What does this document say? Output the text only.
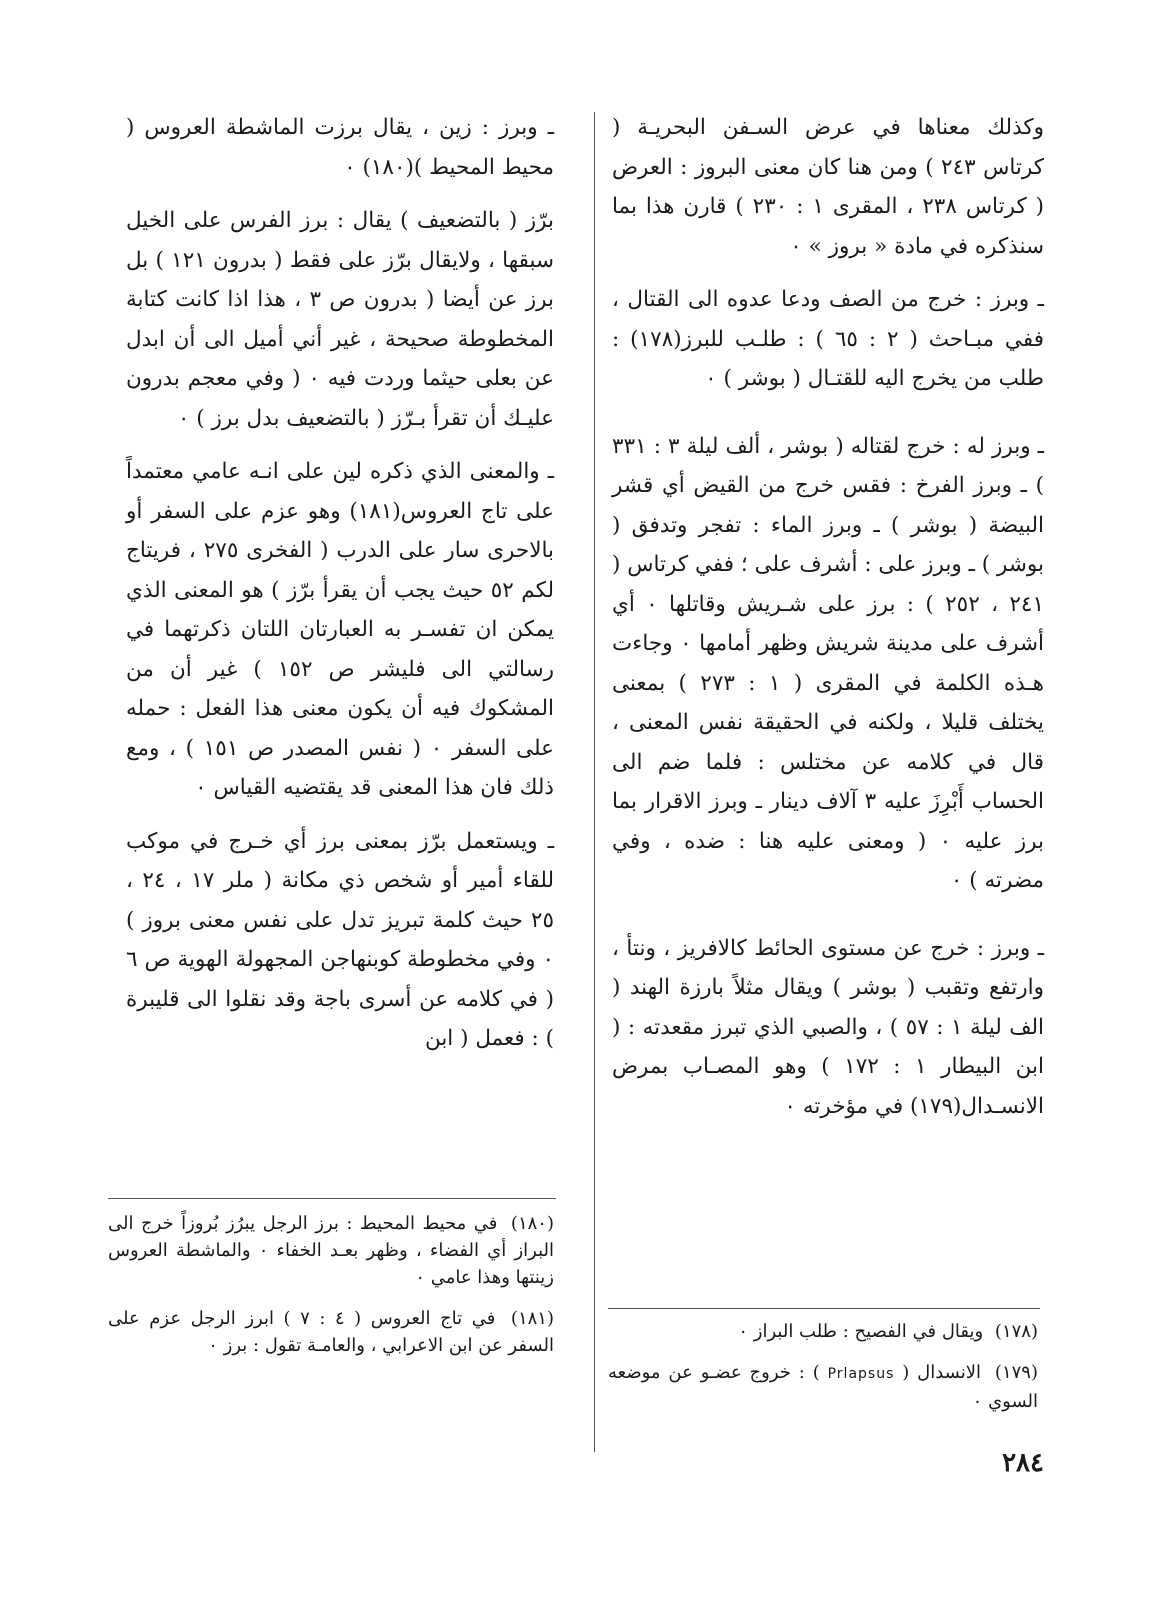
وكذلك معناها في عرض السـفن البحريـة ( كرتاس ٢٤٣ ) ومن هنا كان معنى البروز : العرض ( كرتاس ٢٣٨ ، المقرى ١ : ٢٣٠ ) قارن هذا بما سنذكره في مادة « بروز » ٠

ـ وبرز : خرج من الصف ودعا عدوه الى القتال ، ففي مبـاحث ( ٢ : ٦٥ ) : طلـب للبرز(١٧٨) : طلب من يخرج اليه للقتـال ( بوشر ) ٠

ـ وبرز له : خرج لقتاله ( بوشر ، ألف ليلة ٣ : ٣٣١ ) ـ وبرز الفرخ : فقس خرج من القيض أي قشر البيضة ( بوشر ) ـ وبرز الماء : تفجر وتدفق ( بوشر ) ـ وبرز على : أشرف على ؛ ففي كرتاس ( ٢٤١ ، ٢٥٢ ) : برز على شـريش وقاتلها ٠ أي أشرف على مدينة شريش وظهر أمامها ٠ وجاءت هـذه الكلمة في المقرى ( ١ : ٢٧٣ ) بمعنى يختلف قليلا ، ولكنه في الحقيقة نفس المعنى ، قال في كلامه عن مختلس : فلما ضم الى الحساب أَبْرِزَ عليه ٣ آلاف دينار ـ وبرز الاقرار بما برز عليه ٠ ( ومعنى عليه هنا : ضده ، وفي مضرته ) ٠

ـ وبرز : خرج عن مستوى الحائط كالافريز ، ونتأ ، وارتفع وتقبب ( بوشر ) ويقال مثلاً بارزة الهند ( الف ليلة ١ : ٥٧ ) ، والصبي الذي تبرز مقعدته : ( ابن البيطار ١ : ١٧٢ ) وهو المصـاب بمرض الانسـدال(١٧٩) في مؤخرته ٠

ـ وبرز : زين ، يقال برزت الماشطة العروس ( محيط المحيط )(١٨٠) ٠

برّز ( بالتضعيف ) يقال : برز الفرس على الخيل سبقها ، ولايقال برّز على فقط ( بدرون ١٢١ ) بل برز عن أيضا ( بدرون ص ٣ ، هذا اذا كانت كتابة المخطوطة صحيحة ، غير أني أميل الى أن ابدل عن بعلى حيثما وردت فيه ٠ ( وفي معجم بدرون عليـك أن تقرأ بـرّز ( بالتضعيف بدل برز ) ٠

ـ والمعنى الذي ذكره لين على انـه عامي معتمداً على تاج العروس(١٨١) وهو عزم على السفر أو بالاحرى سار على الدرب ( الفخرى ٢٧٥ ، فريتاج لكم ٥٢ حيث يجب أن يقرأ برّز ) هو المعنى الذي يمكن ان تفسـر به العبارتان اللتان ذكرتهما في رسالتي الى فليشر ص ١٥٢ ) غير أن من المشكوك فيه أن يكون معنى هذا الفعل : حمله على السفر ٠ ( نفس المصدر ص ١٥١ ) ، ومع ذلك فان هذا المعنى قد يقتضيه القياس ٠

ـ ويستعمل برّز بمعنى برز أي خـرج في موكب للقاء أمير أو شخص ذي مكانة ( ملر ١٧ ، ٢٤ ، ٢٥ حيث كلمة تبريز تدل على نفس معنى بروز ) ٠ وفي مخطوطة كوبنهاجن المجهولة الهوية ص ٦ ( في كلامه عن أسرى باجة وقد نقلوا الى قليبرة ) : فعمل ( ابن

(١٨٠) في محيط المحيط : برز الرجل يبرُز بُروزاً خرج الى البراز أي الفضاء ، وظهر بعـد الخفاء ٠ والماشطة العروس زينتها وهذا عامي ٠
(١٨١) في تاج العروس ( ٤ : ٧ ) ابرز الرجل عزم على السفر عن ابن الاعرابي ، والعامـة تقول : برز ٠
(١٧٨) ويقال في الفصيح : طلب البراز ٠
(١٧٩) الانسدال ( Prlapsus ) : خروج عضـو عن موضعه السوي ٠
٢٨٤
